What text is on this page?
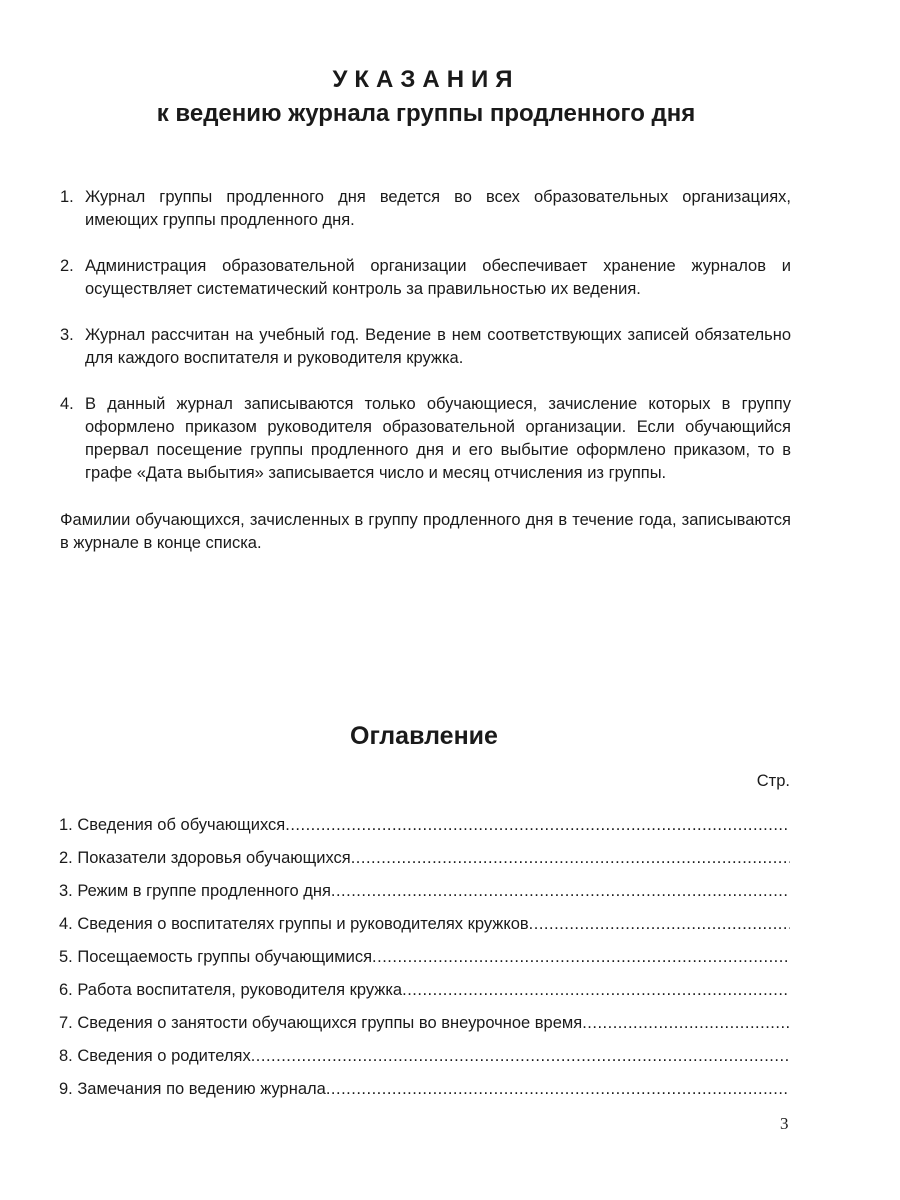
УКАЗАНИЯ
к ведению журнала группы продленного дня
1. Журнал группы продленного дня ведется во всех образовательных организациях, имеющих группы продленного дня.
2. Администрация образовательной организации обеспечивает хранение журналов и осуществляет систематический контроль за правильностью их ведения.
3. Журнал рассчитан на учебный год. Ведение в нем соответствующих записей обязательно для каждого воспитателя и руководителя кружка.
4. В данный журнал записываются только обучающиеся, зачисление которых в группу оформлено приказом руководителя образовательной организации. Если обучающийся прервал посещение группы продленного дня и его выбытие оформлено приказом, то в графе «Дата выбытия» записывается число и месяц отчисления из группы.

Фамилии обучающихся, зачисленных в группу продленного дня в течение года, записываются в журнале в конце списка.

Оглавление
Стр.
1. Сведения об обучающихся
.....
2. Показатели здоровья обучающихся
.....
3. Режим в группе продленного дня
.....
4. Сведения о воспитателях группы и руководителях кружков
.....
5. Посещаемость группы обучающимися
.....
6. Работа воспитателя, руководителя кружка
.....
7. Сведения о занятости обучающихся группы во внеурочное время
.....
8. Сведения о родителях
.....
9. Замечания по ведению журнала
.....
3
